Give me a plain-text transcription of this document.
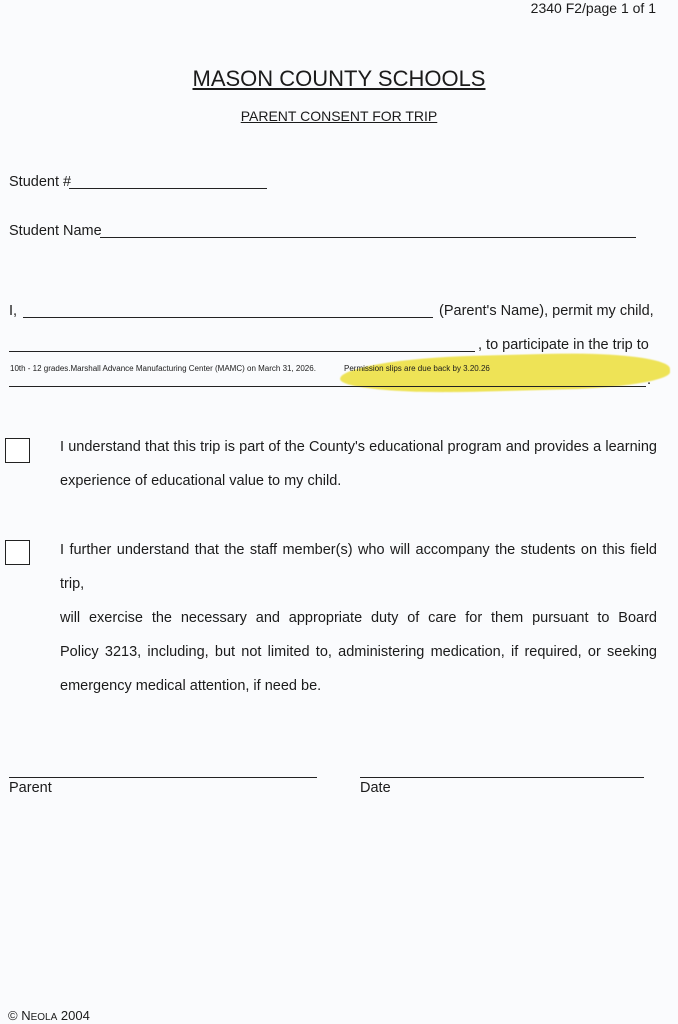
2340 F2/page 1 of 1
MASON COUNTY SCHOOLS
PARENT CONSENT FOR TRIP
Student #
Student Name
I,	(Parent's Name), permit my child,
, to participate in the trip to
10th - 12 grades.Marshall Advance Manufacturing Center (MAMC) on March 31, 2026.	Permission slips are due back by 3.20.26
.
I understand that this trip is part of the County's educational program and provides a learning
experience of educational value to my child.
I further understand that the staff member(s) who will accompany the students on this field trip,
will exercise the necessary and appropriate duty of care for them pursuant to Board
Policy 3213, including, but not limited to, administering medication, if required, or seeking
emergency medical attention, if need be.
Parent	Date
© NEOLA 2004
